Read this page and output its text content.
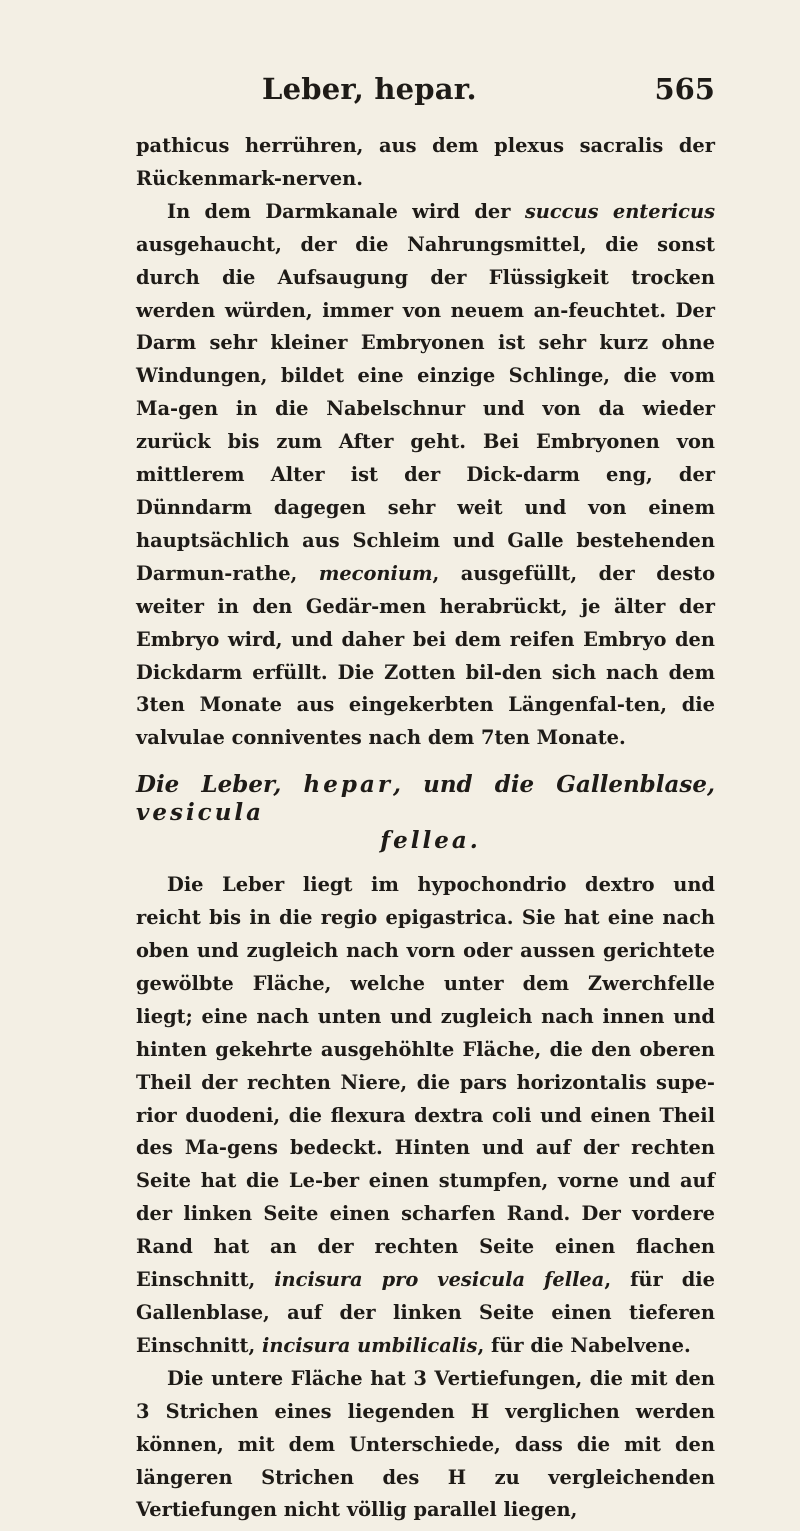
Leber, hepar.	565

pathicus herrühren, aus dem plexus sacralis der Rückenmark-nerven.

In dem Darmkanale wird der succus entericus ausgehaucht, der die Nahrungsmittel, die sonst durch die Aufsaugung der Flüssigkeit trocken werden würden, immer von neuem an-feuchtet. Der Darm sehr kleiner Embryonen ist sehr kurz ohne Windungen, bildet eine einzige Schlinge, die vom Ma-gen in die Nabelschnur und von da wieder zurück bis zum After geht. Bei Embryonen von mittlerem Alter ist der Dick-darm eng, der Dünndarm dagegen sehr weit und von einem hauptsächlich aus Schleim und Galle bestehenden Darmun-rathe, meconium, ausgefüllt, der desto weiter in den Gedär-men herabrückt, je älter der Embryo wird, und daher bei dem reifen Embryo den Dickdarm erfüllt. Die Zotten bil-den sich nach dem 3ten Monate aus eingekerbten Längenfal-ten, die valvulae conniventes nach dem 7ten Monate.

Die Leber, hepar, und die Gallenblase, vesicula
fellea.

Die Leber liegt im hypochondrio dextro und reicht bis in die regio epigastrica. Sie hat eine nach oben und zugleich nach vorn oder aussen gerichtete gewölbte Fläche, welche unter dem Zwerchfelle liegt; eine nach unten und zugleich nach innen und hinten gekehrte ausgehöhlte Fläche, die den oberen Theil der rechten Niere, die pars horizontalis supe-rior duodeni, die flexura dextra coli und einen Theil des Ma-gens bedeckt. Hinten und auf der rechten Seite hat die Le-ber einen stumpfen, vorne und auf der linken Seite einen scharfen Rand. Der vordere Rand hat an der rechten Seite einen flachen Einschnitt, incisura pro vesicula fellea, für die Gallenblase, auf der linken Seite einen tieferen Einschnitt, incisura umbilicalis, für die Nabelvene.

Die untere Fläche hat 3 Vertiefungen, die mit den 3 Strichen eines liegenden H verglichen werden können, mit dem Unterschiede, dass die mit den längeren Strichen des H zu vergleichenden Vertiefungen nicht völlig parallel liegen,
